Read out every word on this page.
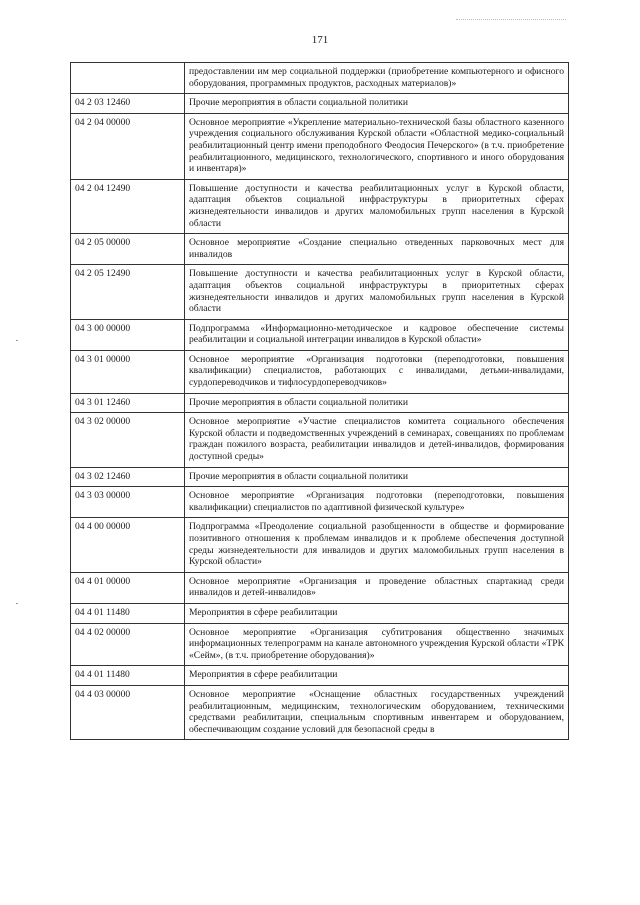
171
	предоставлении им мер социальной поддержки (приобретение компьютерного и офисного оборудования, программных продуктов, расходных материалов)»
04 2 03 12460	Прочие мероприятия в области социальной политики
04 2 04 00000	Основное мероприятие «Укрепление материально-технической базы областного казенного учреждения социального обслуживания Курской области «Областной медико-социальный реабилитационный центр имени преподобного Феодосия Печерского» (в т.ч. приобретение реабилитационного, медицинского, технологического, спортивного и иного оборудования и инвентаря)»
04 2 04 12490	Повышение доступности и качества реабилитационных услуг в Курской области, адаптация объектов социальной инфраструктуры в приоритетных сферах жизнедеятельности инвалидов и других маломобильных групп населения в Курской области
04 2 05 00000	Основное мероприятие «Создание специально отведенных парковочных мест для инвалидов
04 2 05 12490	Повышение доступности и качества реабилитационных услуг в Курской области, адаптация объектов социальной инфраструктуры в приоритетных сферах жизнедеятельности инвалидов и других маломобильных групп населения в Курской области
04 3 00 00000	Подпрограмма «Информационно-методическое и кадровое обеспечение системы реабилитации и социальной интеграции инвалидов в Курской области»
04 3 01 00000	Основное мероприятие «Организация подготовки (переподготовки, повышения квалификации) специалистов, работающих с инвалидами, детьми-инвалидами, сурдопереводчиков и тифлосурдопереводчиков»
04 3 01 12460	Прочие мероприятия в области социальной политики
04 3 02 00000	Основное мероприятие «Участие специалистов комитета социального обеспечения Курской области и подведомственных учреждений в семинарах, совещаниях по проблемам граждан пожилого возраста, реабилитации инвалидов и детей-инвалидов, формирования доступной среды»
04 3 02 12460	Прочие мероприятия в области социальной политики
04 3 03 00000	Основное мероприятие «Организация подготовки (переподготовки, повышения квалификации) специалистов по адаптивной физической культуре»
04 4 00 00000	Подпрограмма «Преодоление социальной разобщенности в обществе и формирование позитивного отношения к проблемам инвалидов и к проблеме обеспечения доступной среды жизнедеятельности для инвалидов и других маломобильных групп населения в Курской области»
04 4 01 00000	Основное мероприятие «Организация и проведение областных спартакиад среди инвалидов и детей-инвалидов»
04 4 01 11480	Мероприятия в сфере реабилитации
04 4 02 00000	Основное мероприятие «Организация субтитрования общественно значимых информационных телепрограмм на канале автономного учреждения Курской области «ТРК «Сейм», (в т.ч. приобретение оборудования)»
04 4 01 11480	Мероприятия в сфере реабилитации
04 4 03 00000	Основное мероприятие «Оснащение областных государственных учреждений реабилитационным, медицинским, технологическим оборудованием, техническими средствами реабилитации, специальным спортивным инвентарем и оборудованием, обеспечивающим создание условий для безопасной среды в
